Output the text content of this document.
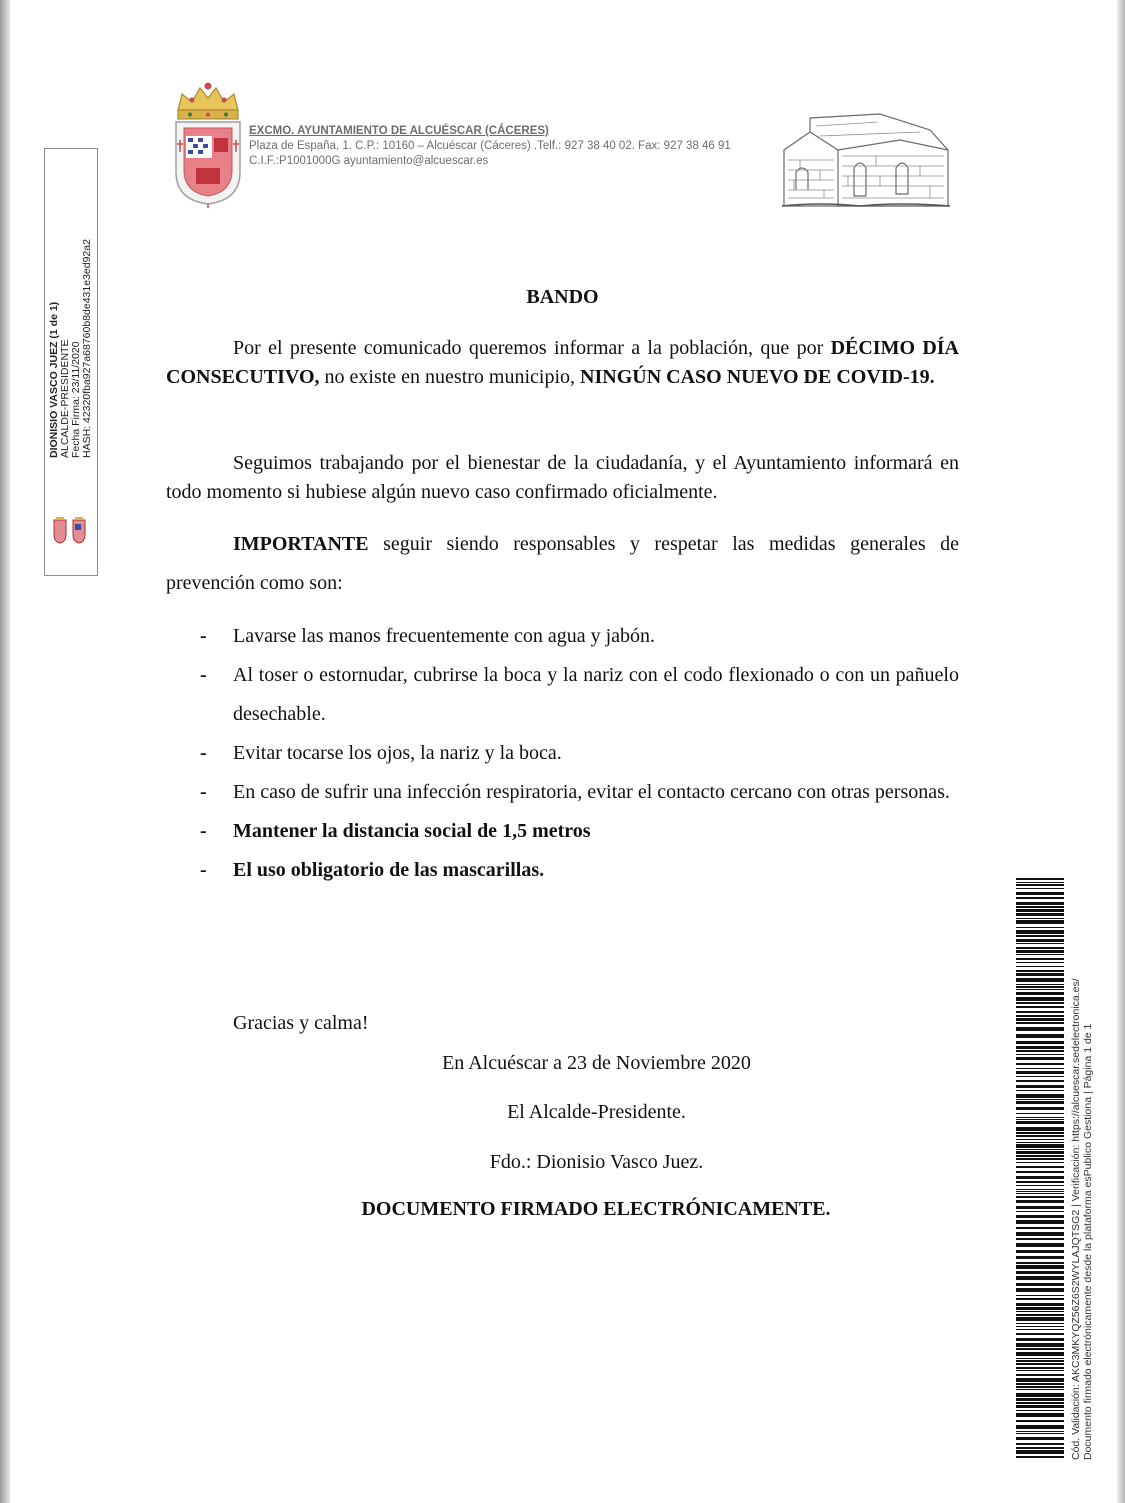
EXCMO. AYUNTAMIENTO DE ALCUÉSCAR (CÁCERES)
Plaza de España, 1. C.P.: 10160 – Alcuéscar (Cáceres) .Telf.: 927 38 40 02. Fax: 927 38 46 91
C.I.F.:P1001000G ayuntamiento@alcuescar.es
DIONISIO VASCO JUEZ (1 de 1) ALCALDE-PRESIDENTE Fecha Firma: 23/11/2020 HASH: 42320fba927a68760b8de431e3ed92a2	BANDO
Por el presente comunicado queremos informar a la población, que por DÉCIMO DÍA CONSECUTIVO, no existe en nuestro municipio, NINGÚN CASO NUEVO DE COVID-19.
Seguimos trabajando por el bienestar de la ciudadanía, y el Ayuntamiento informará en todo momento si hubiese algún nuevo caso confirmado oficialmente.
IMPORTANTE seguir siendo responsables y respetar las medidas generales de prevención como son:
- Lavarse las manos frecuentemente con agua y jabón.
- Al toser o estornudar, cubrirse la boca y la nariz con el codo flexionado o con un pañuelo desechable.
- Evitar tocarse los ojos, la nariz y la boca.
- En caso de sufrir una infección respiratoria, evitar el contacto cercano con otras personas.
- Mantener la distancia social de 1,5 metros
- El uso obligatorio de las mascarillas.
Gracias y calma!
En Alcuéscar a 23 de Noviembre 2020
El Alcalde-Presidente.
Fdo.: Dionisio Vasco Juez.
DOCUMENTO FIRMADO ELECTRÓNICAMENTE.	Cód. Validación: AKC3MKYQZ56Z6S2WYLAJQTSG2 | Verificación: https://alcuescar.sedelectronica.es/ Documento firmado electrónicamente desde la plataforma esPublico Gestiona | Página 1 de 1
